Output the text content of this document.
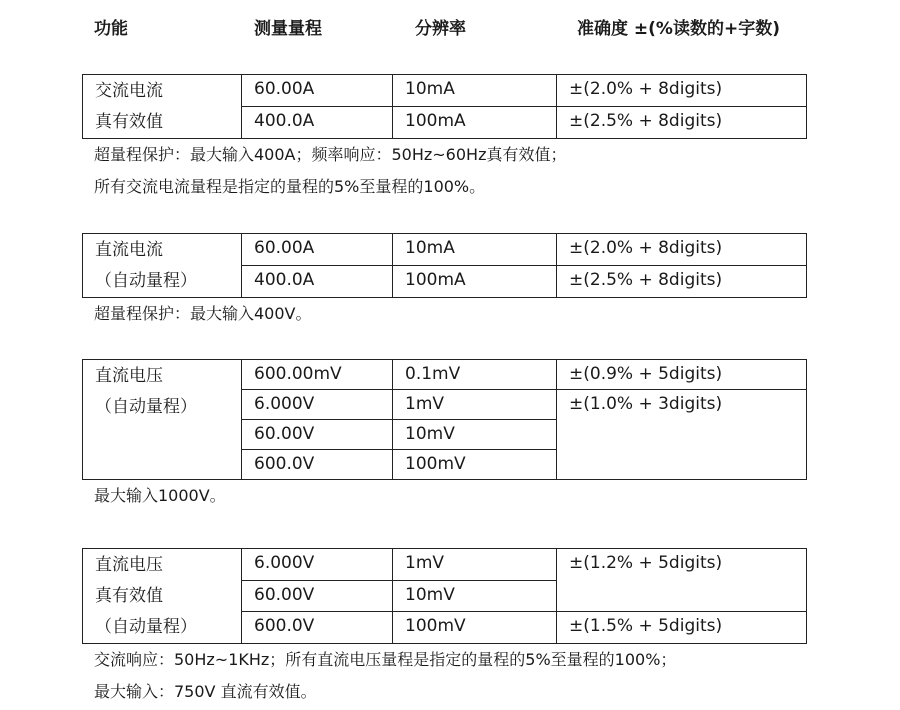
功能	测量量程	分辨率	准确度 ±(%读数的+字数)
交流电流
真有效值	60.00A	10mA	±(2.0% + 8digits)
	400.0A	100mA	±(2.5% + 8digits)
超量程保护：最大输入400A；频率响应：50Hz~60Hz真有效值；
所有交流电流量程是指定的量程的5%至量程的100%。
直流电流
（自动量程）	60.00A	10mA	±(2.0% + 8digits)
	400.0A	100mA	±(2.5% + 8digits)
超量程保护：最大输入400V。
直流电压
（自动量程）	600.00mV	0.1mV	±(0.9% + 5digits)
	6.000V	1mV	±(1.0% + 3digits)
	60.00V	10mV	
	600.0V	100mV	
最大输入1000V。
直流电压
真有效值
（自动量程）	6.000V	1mV	±(1.2% + 5digits)
	60.00V	10mV	
	600.0V	100mV	±(1.5% + 5digits)
交流响应：50Hz~1KHz；所有直流电压量程是指定的量程的5%至量程的100%；
最大输入：750V 直流有效值。
